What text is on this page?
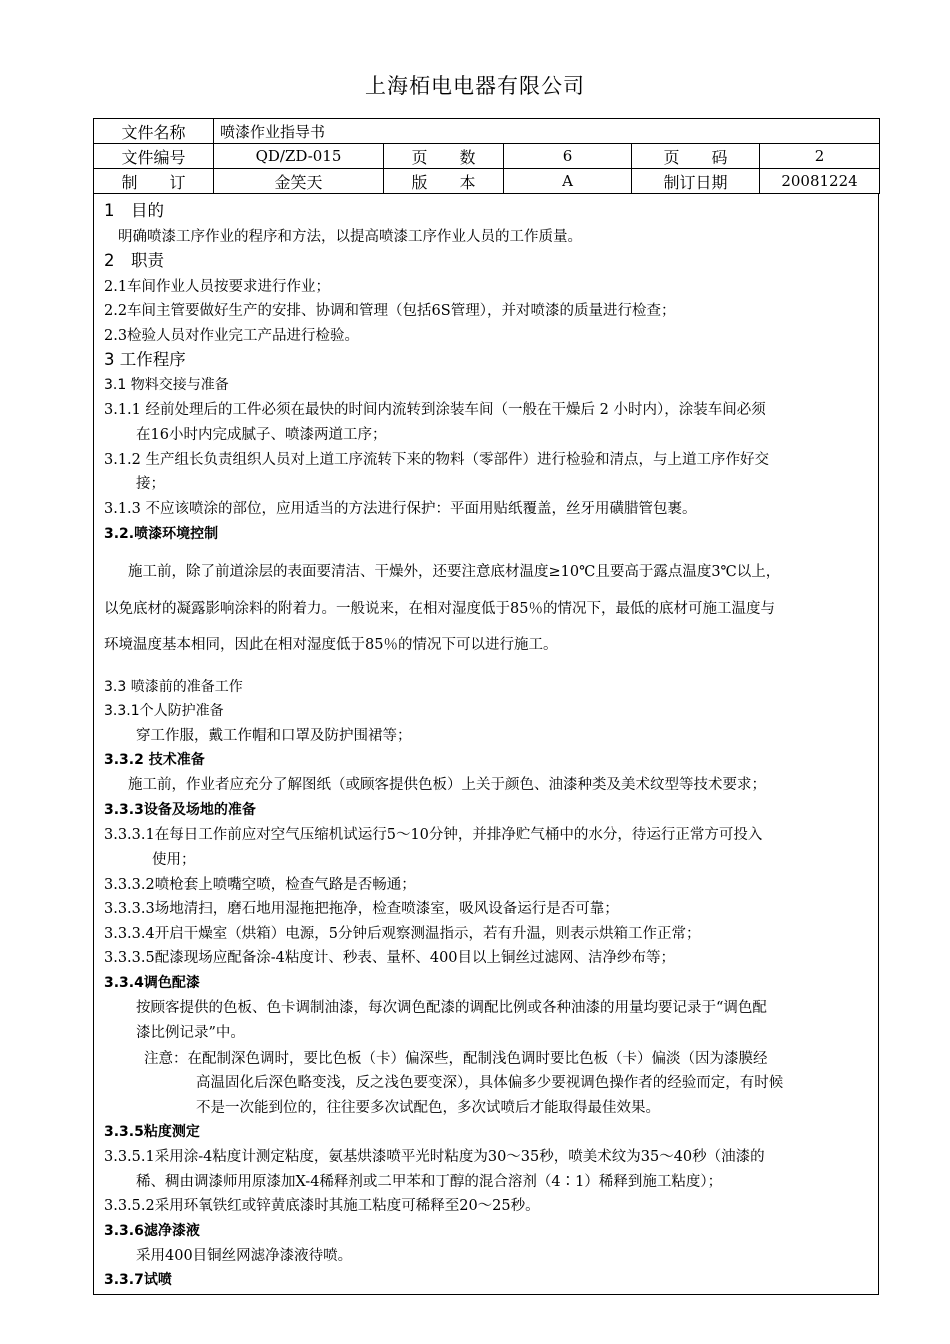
上海栢电电器有限公司
文件名称	喷漆作业指导书				
文件编号	QD/ZD-015	页　　数	6	页　　码	2
制　　订	金笑天	版　　本	A	制订日期	20081224
1　目的
明确喷漆工序作业的程序和方法，以提高喷漆工序作业人员的工作质量。
2　职责
2.1车间作业人员按要求进行作业；
2.2车间主管要做好生产的安排、协调和管理（包括6S管理），并对喷漆的质量进行检查；
2.3检验人员对作业完工产品进行检验。
3 工作程序
3.1 物料交接与准备
3.1.1 经前处理后的工件必须在最快的时间内流转到涂装车间（一般在干燥后 2 小时内），涂装车间必须
在16小时内完成腻子、喷漆两道工序；
3.1.2 生产组长负责组织人员对上道工序流转下来的物料（零部件）进行检验和清点，与上道工序作好交
接；
3.1.3 不应该喷涂的部位，应用适当的方法进行保护：平面用贴纸覆盖，丝牙用磺腊管包裹。
3.2.喷漆环境控制
施工前，除了前道涂层的表面要清洁、干燥外，还要注意底材温度≥10℃且要高于露点温度3℃以上，
以免底材的凝露影响涂料的附着力。一般说来，在相对湿度低于85％的情况下，最低的底材可施工温度与
环境温度基本相同，因此在相对湿度低于85％的情况下可以进行施工。
3.3 喷漆前的准备工作
3.3.1个人防护准备
穿工作服，戴工作帽和口罩及防护围裙等；
3.3.2 技术准备
施工前，作业者应充分了解图纸（或顾客提供色板）上关于颜色、油漆种类及美术纹型等技术要求；
3.3.3设备及场地的准备
3.3.3.1在每日工作前应对空气压缩机试运行5～10分钟，并排净贮气桶中的水分，待运行正常方可投入
使用；
3.3.3.2喷枪套上喷嘴空喷，检查气路是否畅通；
3.3.3.3场地清扫，磨石地用湿拖把拖净，检查喷漆室，吸风设备运行是否可靠；
3.3.3.4开启干燥室（烘箱）电源，5分钟后观察测温指示，若有升温，则表示烘箱工作正常；
3.3.3.5配漆现场应配备涂-4粘度计、秒表、量杯、400目以上铜丝过滤网、洁净纱布等；
3.3.4调色配漆
按顾客提供的色板、色卡调制油漆，每次调色配漆的调配比例或各种油漆的用量均要记录于“调色配
漆比例记录”中。
注意：在配制深色调时，要比色板（卡）偏深些，配制浅色调时要比色板（卡）偏淡（因为漆膜经
高温固化后深色略变浅，反之浅色要变深），具体偏多少要视调色操作者的经验而定，有时候
不是一次能到位的，往往要多次试配色，多次试喷后才能取得最佳效果。
3.3.5粘度测定
3.3.5.1采用涂-4粘度计测定粘度，氨基烘漆喷平光时粘度为30～35秒，喷美术纹为35～40秒（油漆的
稀、稠由调漆师用原漆加X-4稀释剂或二甲苯和丁醇的混合溶剂（4∶1）稀释到施工粘度）；
3.3.5.2采用环氧铁红或锌黄底漆时其施工粘度可稀释至20～25秒。
3.3.6滤净漆液
采用400目铜丝网滤净漆液待喷。
3.3.7试喷
